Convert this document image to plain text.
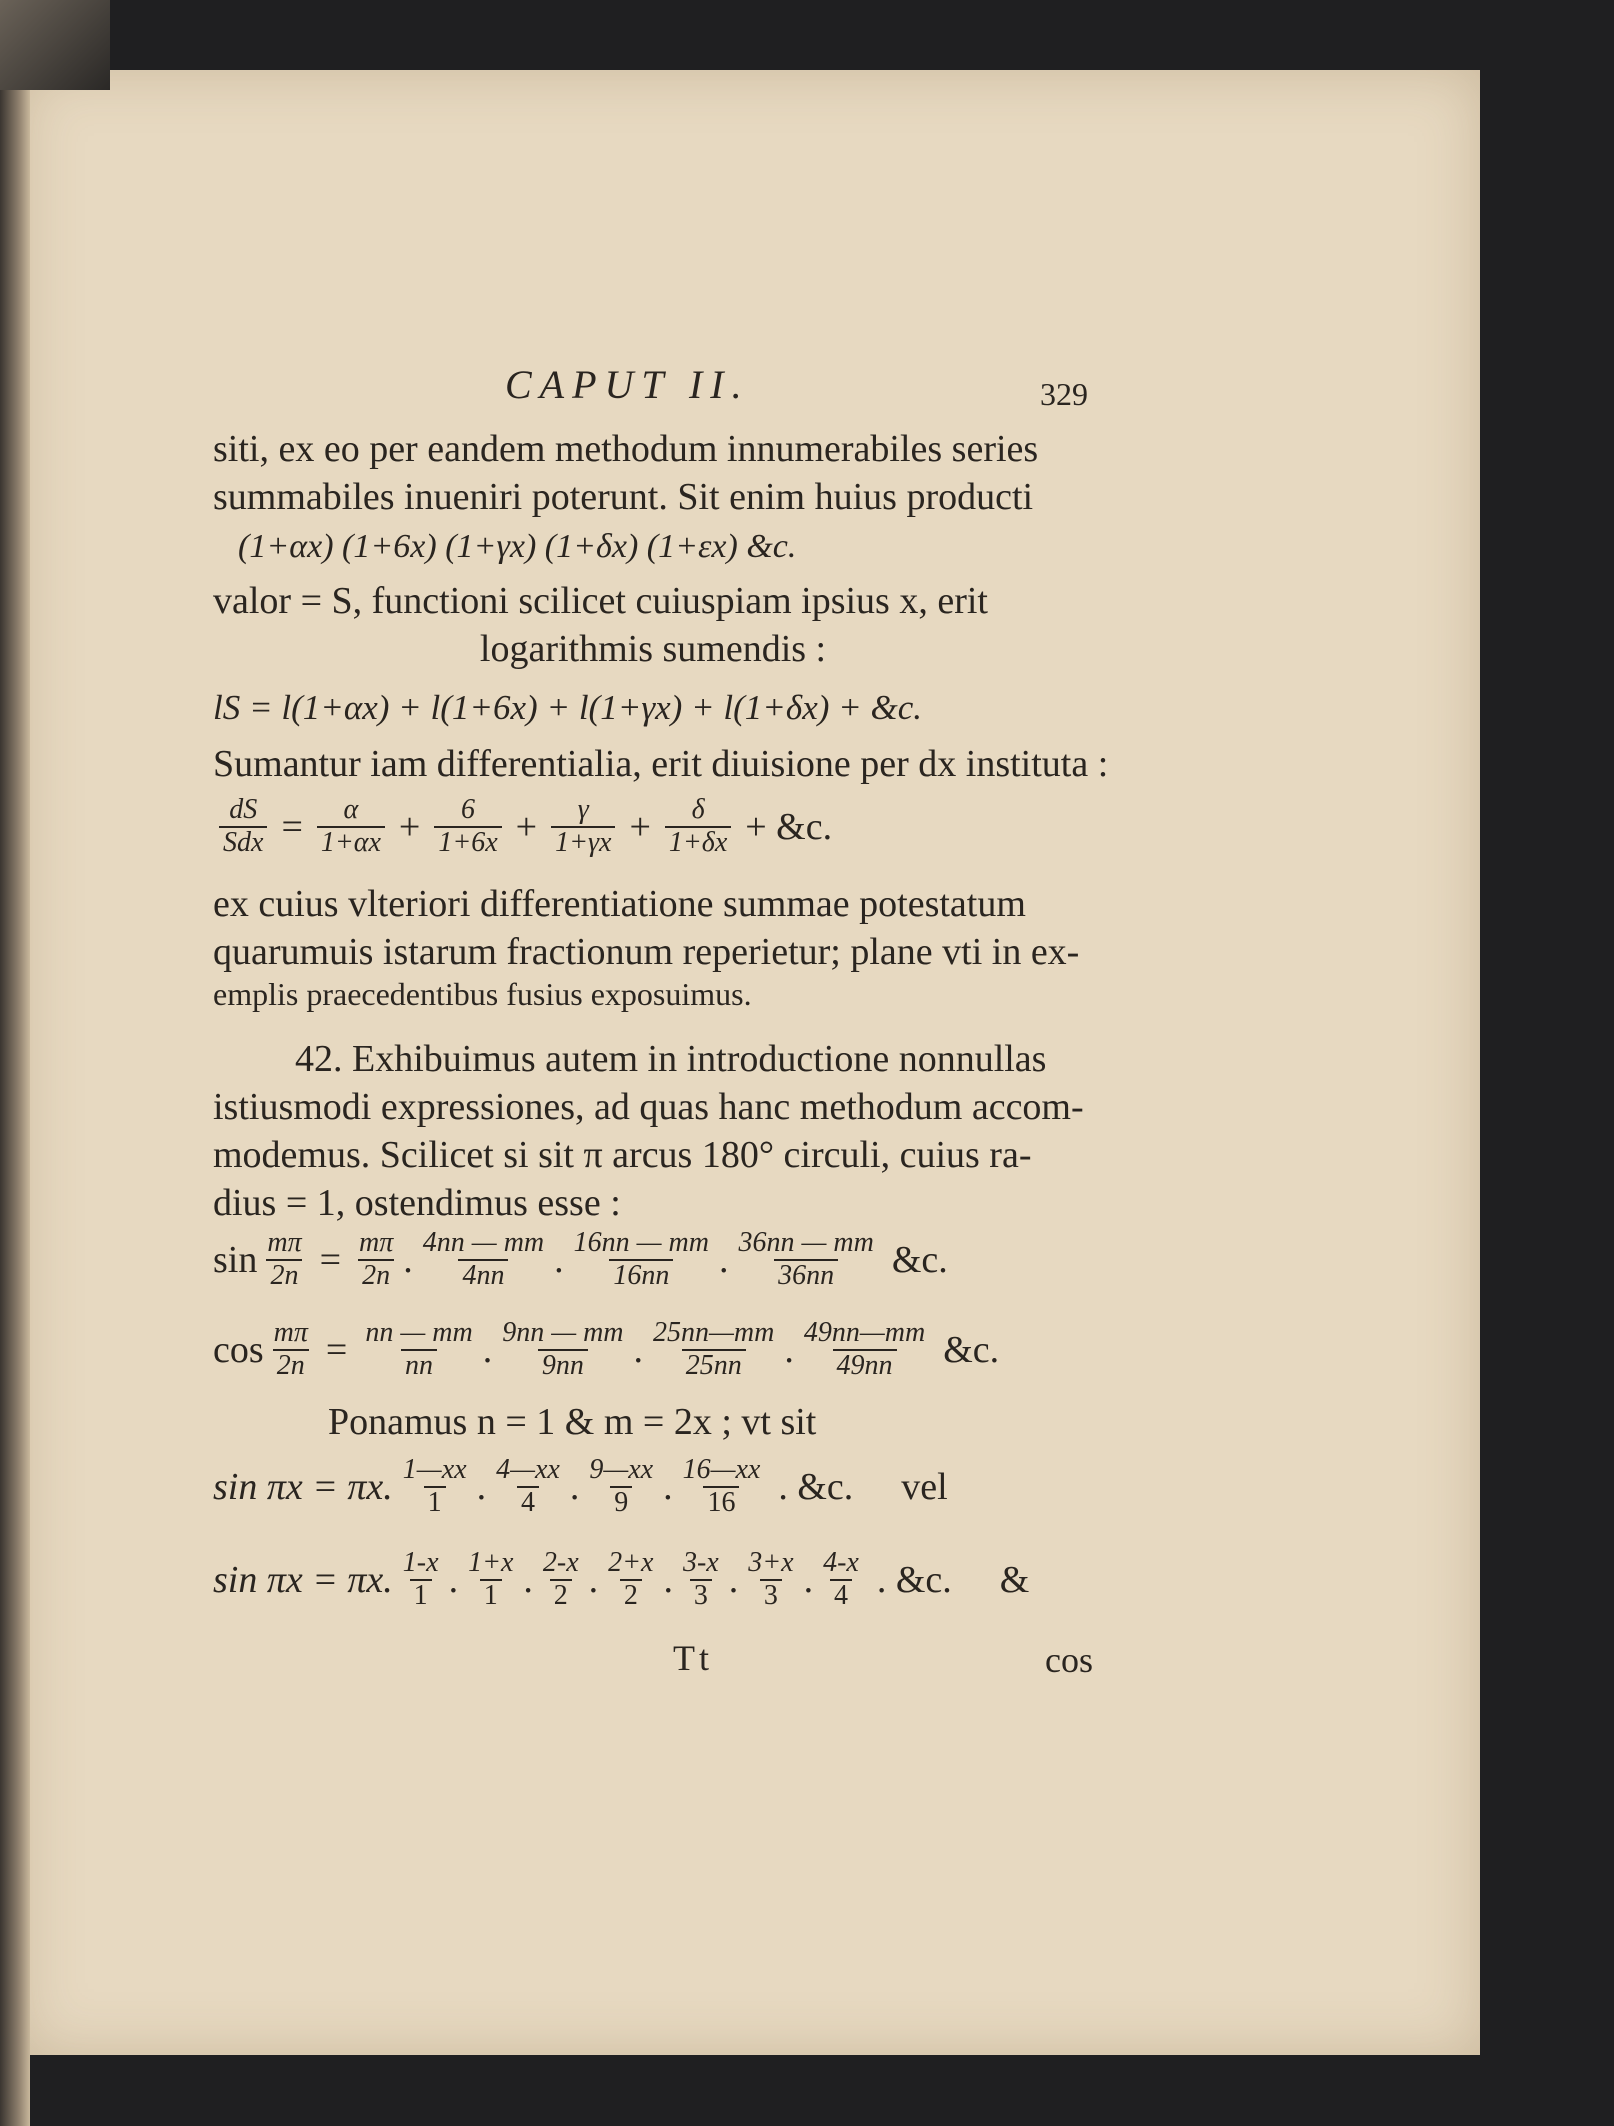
CAPUT II.	329
siti, ex eo per eandem methodum innumerabiles series
summabiles inueniri poterunt. Sit enim huius producti
(1+αx) (1+6x) (1+γx) (1+δx) (1+εx) &c.
valor = S, functioni scilicet cuiuspiam ipsius x, erit
logarithmis sumendis :
lS = l(1+αx) + l(1+6x) + l(1+γx) + l(1+δx) + &c.
Sumantur iam differentialia, erit diuisione per dx instituta :
$\frac{dS}{\text{Sdx}} = \frac{\alpha}{1+\alpha x} + \frac{6}{1+6x} + \frac{\gamma}{1+\gamma x} + \frac{\delta}{1+\delta x}$ + &c.
ex cuius vlteriori differentiatione summae potestatum
quarumuis istarum fractionum reperietur; plane vti in ex-
emplis praecedentibus fusius exposuimus.
42. Exhibuimus autem in introductione nonnullas
istiusmodi expressiones, ad quas hanc methodum accom-
modemus. Scilicet si sit π arcus 180° circuli, cuius ra-
dius = 1, ostendimus esse :
$\sin \frac{m\pi}{2n} = \frac{m\pi}{2n}$ . $\frac{4nn — mm}{4nn}$ . $\frac{16nn — mm}{16nn}$ . $\frac{36nn — mm}{36nn}$ &c.
$\cos \frac{m\pi}{2n} = \frac{nn — mm}{nn}$ . $\frac{9nn — mm}{9nn}$ . $\frac{25nn—mm}{25nn}$ . $\frac{49nn—mm}{49nn}$ &c.
Ponamus n = 1 & m = 2x ; vt sit
sin πx = πx. $\frac{1—xx}{1}$ . $\frac{4—xx}{4}$ . $\frac{9—xx}{9}$ . $\frac{16—xx}{16}$ . &c. vel
sin πx = πx. $\frac{1-x}{1}$ . $\frac{1+x}{1}$ . $\frac{2-x}{2}$ . $\frac{2+x}{2}$ . $\frac{3-x}{3}$ . $\frac{3+x}{3}$ . $\frac{4-x}{4}$ . &c. &
Tt	cos
